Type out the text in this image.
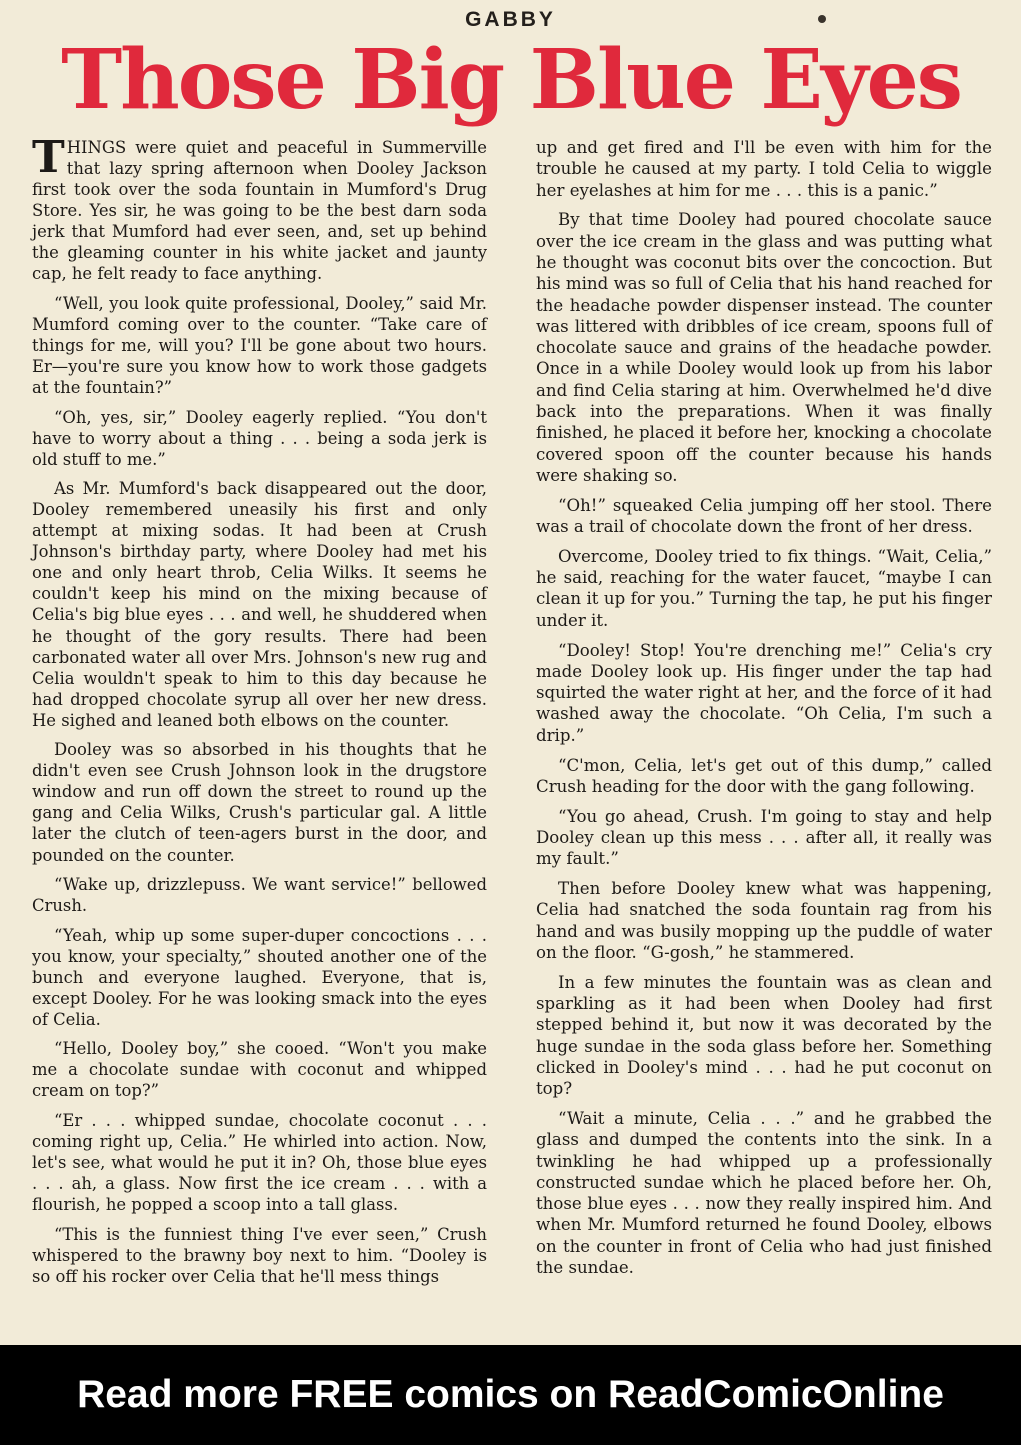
GABBY
Those Big Blue Eyes

THINGS were quiet and peaceful in Summerville that lazy spring afternoon when Dooley Jackson first took over the soda fountain in Mumford's Drug Store. Yes sir, he was going to be the best darn soda jerk that Mumford had ever seen, and, set up behind the gleaming counter in his white jacket and jaunty cap, he felt ready to face anything.

“Well, you look quite professional, Dooley,” said Mr. Mumford coming over to the counter. “Take care of things for me, will you? I'll be gone about two hours. Er—you're sure you know how to work those gadgets at the fountain?”

“Oh, yes, sir,” Dooley eagerly replied. “You don't have to worry about a thing . . . being a soda jerk is old stuff to me.”

As Mr. Mumford's back disappeared out the door, Dooley remembered uneasily his first and only attempt at mixing sodas. It had been at Crush Johnson's birthday party, where Dooley had met his one and only heart throb, Celia Wilks. It seems he couldn't keep his mind on the mixing because of Celia's big blue eyes . . . and well, he shuddered when he thought of the gory results. There had been carbonated water all over Mrs. Johnson's new rug and Celia wouldn't speak to him to this day because he had dropped chocolate syrup all over her new dress. He sighed and leaned both elbows on the counter.

Dooley was so absorbed in his thoughts that he didn't even see Crush Johnson look in the drugstore window and run off down the street to round up the gang and Celia Wilks, Crush's particular gal. A little later the clutch of teen-agers burst in the door, and pounded on the counter.

“Wake up, drizzlepuss. We want service!” bellowed Crush.

“Yeah, whip up some super-duper concoctions . . . you know, your specialty,” shouted another one of the bunch and everyone laughed. Everyone, that is, except Dooley. For he was looking smack into the eyes of Celia.

“Hello, Dooley boy,” she cooed. “Won't you make me a chocolate sundae with coconut and whipped cream on top?”

“Er . . . whipped sundae, chocolate coconut . . . coming right up, Celia.” He whirled into action. Now, let's see, what would he put it in? Oh, those blue eyes . . . ah, a glass. Now first the ice cream . . . with a flourish, he popped a scoop into a tall glass.

“This is the funniest thing I've ever seen,” Crush whispered to the brawny boy next to him. “Dooley is so off his rocker over Celia that he'll mess things

up and get fired and I'll be even with him for the trouble he caused at my party. I told Celia to wiggle her eyelashes at him for me . . . this is a panic.”

By that time Dooley had poured chocolate sauce over the ice cream in the glass and was putting what he thought was coconut bits over the concoction. But his mind was so full of Celia that his hand reached for the headache powder dispenser instead. The counter was littered with dribbles of ice cream, spoons full of chocolate sauce and grains of the headache powder. Once in a while Dooley would look up from his labor and find Celia staring at him. Overwhelmed he'd dive back into the preparations. When it was finally finished, he placed it before her, knocking a chocolate covered spoon off the counter because his hands were shaking so.

“Oh!” squeaked Celia jumping off her stool. There was a trail of chocolate down the front of her dress.

Overcome, Dooley tried to fix things. “Wait, Celia,” he said, reaching for the water faucet, “maybe I can clean it up for you.” Turning the tap, he put his finger under it.

“Dooley! Stop! You're drenching me!” Celia's cry made Dooley look up. His finger under the tap had squirted the water right at her, and the force of it had washed away the chocolate. “Oh Celia, I'm such a drip.”

“C'mon, Celia, let's get out of this dump,” called Crush heading for the door with the gang following.

“You go ahead, Crush. I'm going to stay and help Dooley clean up this mess . . . after all, it really was my fault.”

Then before Dooley knew what was happening, Celia had snatched the soda fountain rag from his hand and was busily mopping up the puddle of water on the floor. “G-gosh,” he stammered.

In a few minutes the fountain was as clean and sparkling as it had been when Dooley had first stepped behind it, but now it was decorated by the huge sundae in the soda glass before her. Something clicked in Dooley's mind . . . had he put coconut on top?

“Wait a minute, Celia . . .” and he grabbed the glass and dumped the contents into the sink. In a twinkling he had whipped up a professionally constructed sundae which he placed before her. Oh, those blue eyes . . . now they really inspired him. And when Mr. Mumford returned he found Dooley, elbows on the counter in front of Celia who had just finished the sundae.

Read more FREE comics on ReadComicOnline
